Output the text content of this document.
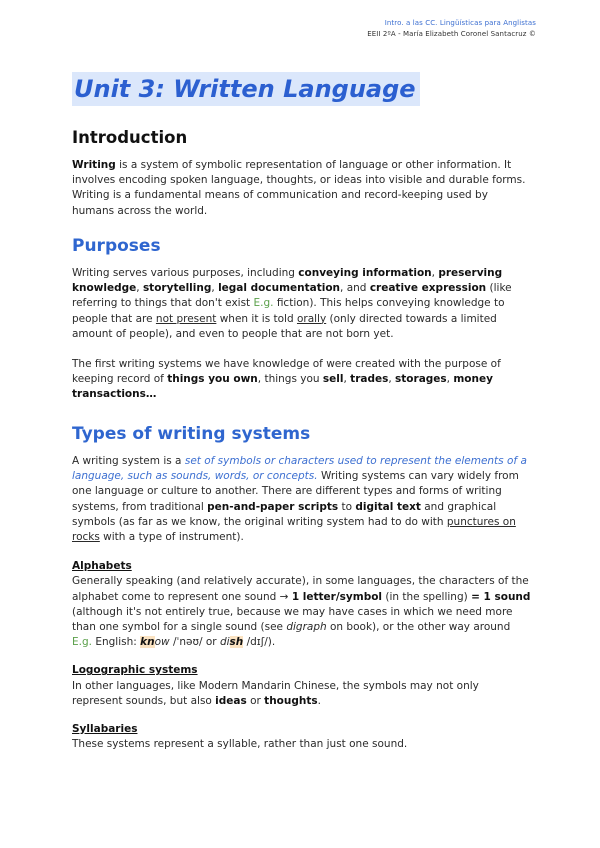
Intro. a las CC. Lingüísticas para Anglistas
EEII 2ºA - María Elizabeth Coronel Santacruz ©
Unit 3: Written Language
Introduction

Writing is a system of symbolic representation of language or other information. It involves encoding spoken language, thoughts, or ideas into visible and durable forms. Writing is a fundamental means of communication and record-keeping used by humans across the world.

Purposes

Writing serves various purposes, including conveying information, preserving knowledge, storytelling, legal documentation, and creative expression (like referring to things that don't exist E.g. fiction). This helps conveying knowledge to people that are not present when it is told orally (only directed towards a limited amount of people), and even to people that are not born yet.

The first writing systems we have knowledge of were created with the purpose of keeping record of things you own, things you sell, trades, storages, money transactions…

Types of writing systems

A writing system is a set of symbols or characters used to represent the elements of a language, such as sounds, words, or concepts. Writing systems can vary widely from one language or culture to another. There are different types and forms of writing systems, from traditional pen-and-paper scripts to digital text and graphical symbols (as far as we know, the original writing system had to do with punctures on rocks with a type of instrument).

Alphabets

Generally speaking (and relatively accurate), in some languages, the characters of the alphabet come to represent one sound → 1 letter/symbol (in the spelling) = 1 sound (although it's not entirely true, because we may have cases in which we need more than one symbol for a single sound (see digraph on book), or the other way around E.g. English: know /ˈnəʊ/ or dish /dɪʃ/).

Logographic systems

In other languages, like Modern Mandarin Chinese, the symbols may not only represent sounds, but also ideas or thoughts.

Syllabaries

These systems represent a syllable, rather than just one sound.
